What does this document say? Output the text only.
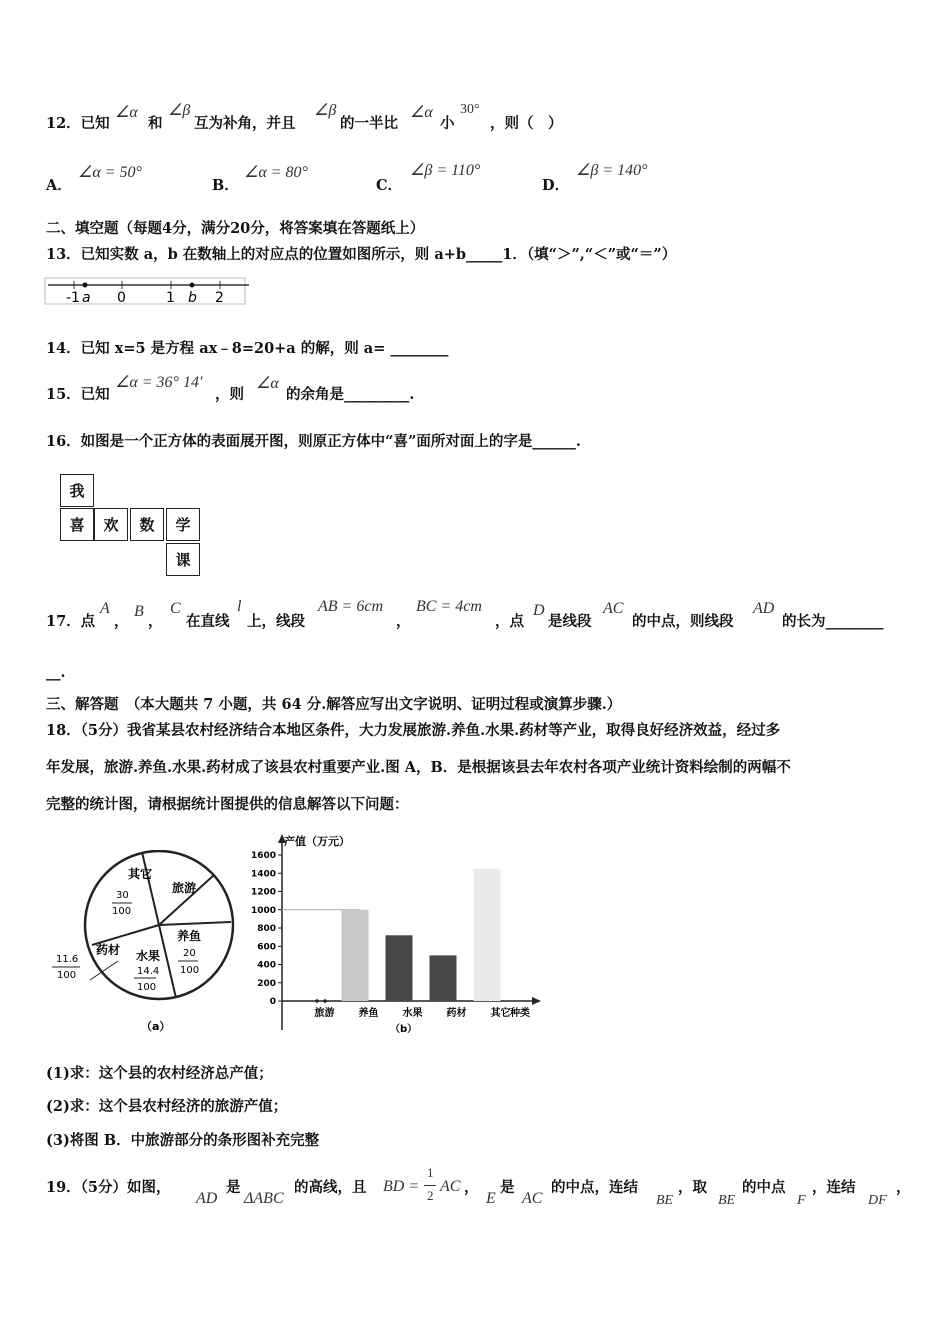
12．已知
∠α
和
∠β
互为补角，并且
∠β
的一半比
∠α
小
30°
，则（　）
A．
∠α = 50°
B．
∠α = 80°
C．
∠β = 110°
D．
∠β = 140°
二、填空题（每题4分，满分20分，将答案填在答题纸上）
13．已知实数 a，b 在数轴上的对应点的位置如图所示，则 a+b_____1．（填“＞”,“＜”或“＝”）
-1 a 0	1 b 2
14．已知 x=5 是方程 ax﹣8=20+a 的解，则 a= ________
15．已知
∠α = 36° 14′
，则
∠α
的余角是_________.
16．如图是一个正方体的表面展开图，则原正方体中“喜”面所对面上的字是______.
我
喜	欢	数	学
课
17．点
A
，
B
，
C
在直线
l
上，线段
AB = 6cm
，
BC = 4cm
，点
D
是线段
AC
的中点，则线段
AD
的长为________
__.
三、解答题　（本大题共 7 小题，共 64 分.解答应写出文字说明、证明过程或演算步骤.）
18．（5分）我省某县农村经济结合本地区条件，大力发展旅游.养鱼.水果.药材等产业，取得良好经济效益，经过多
年发展，旅游.养鱼.水果.药材成了该县农村重要产业.图 A，B．是根据该县去年农村各项产业统计资料绘制的两幅不
完整的统计图，请根据统计图提供的信息解答以下问题：
其它
30
100
旅游
养鱼
20
100
水果
14.4
100
药材
11.6
100
（a）
产值（万元）
种类
（b）
0
200
400
600
800
1000
1200
1400
1600
旅游 养鱼 水果 药材 其它
(1)求：这个县的农村经济总产值；
(2)求：这个县农村经济的旅游产值；
(3)将图 B．中旅游部分的条形图补充完整
19．（5分）如图，
AD
是
ΔABC
的高线，且 BD =
1
2
AC ，
E
是
AC
的中点，连结
BE
，取
BE
的中点
F
，连结
DF
，
